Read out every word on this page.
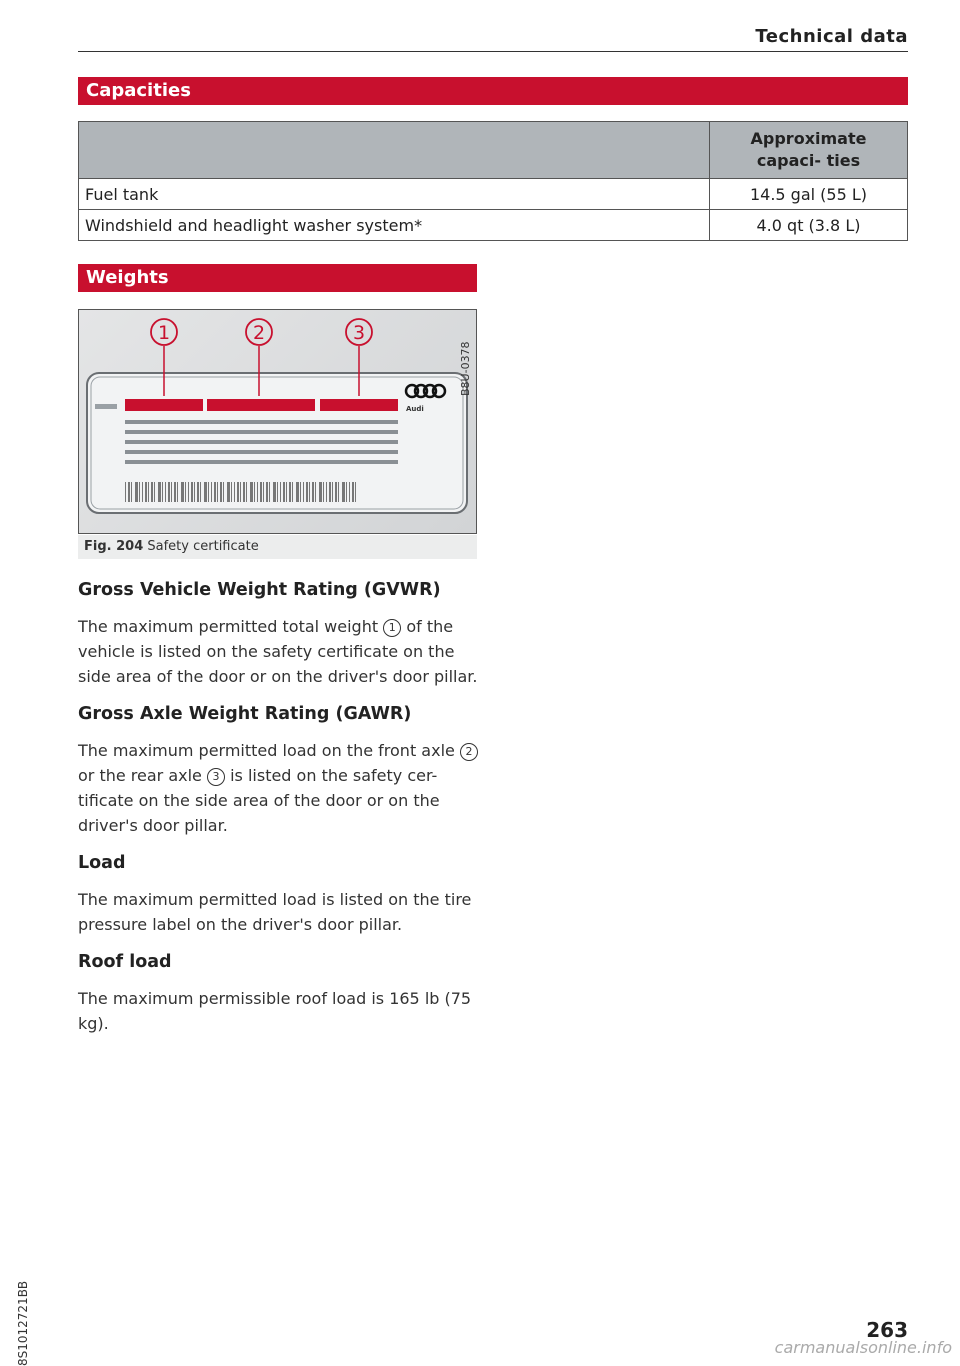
Technical data
Capacities
	Approximate capaci- ties
Fuel tank	14.5 gal (55 L)
Windshield and headlight washer system*	4.0 qt (3.8 L)
Weights
1	2	3
Audi
B8U-0378
Fig. 204 Safety certificate
Gross Vehicle Weight Rating (GVWR)
The maximum permitted total weight 1 of the vehicle is listed on the safety certificate on the side area of the door or on the driver's door pillar.
Gross Axle Weight Rating (GAWR)
The maximum permitted load on the front axle 2 or the rear axle 3 is listed on the safety cer- tificate on the side area of the door or on the driver's door pillar.
Load
The maximum permitted load is listed on the tire pressure label on the driver's door pillar.
Roof load
The maximum permissible roof load is 165 lb (75 kg).
8S1012721BB	263
carmanualsonline.info
